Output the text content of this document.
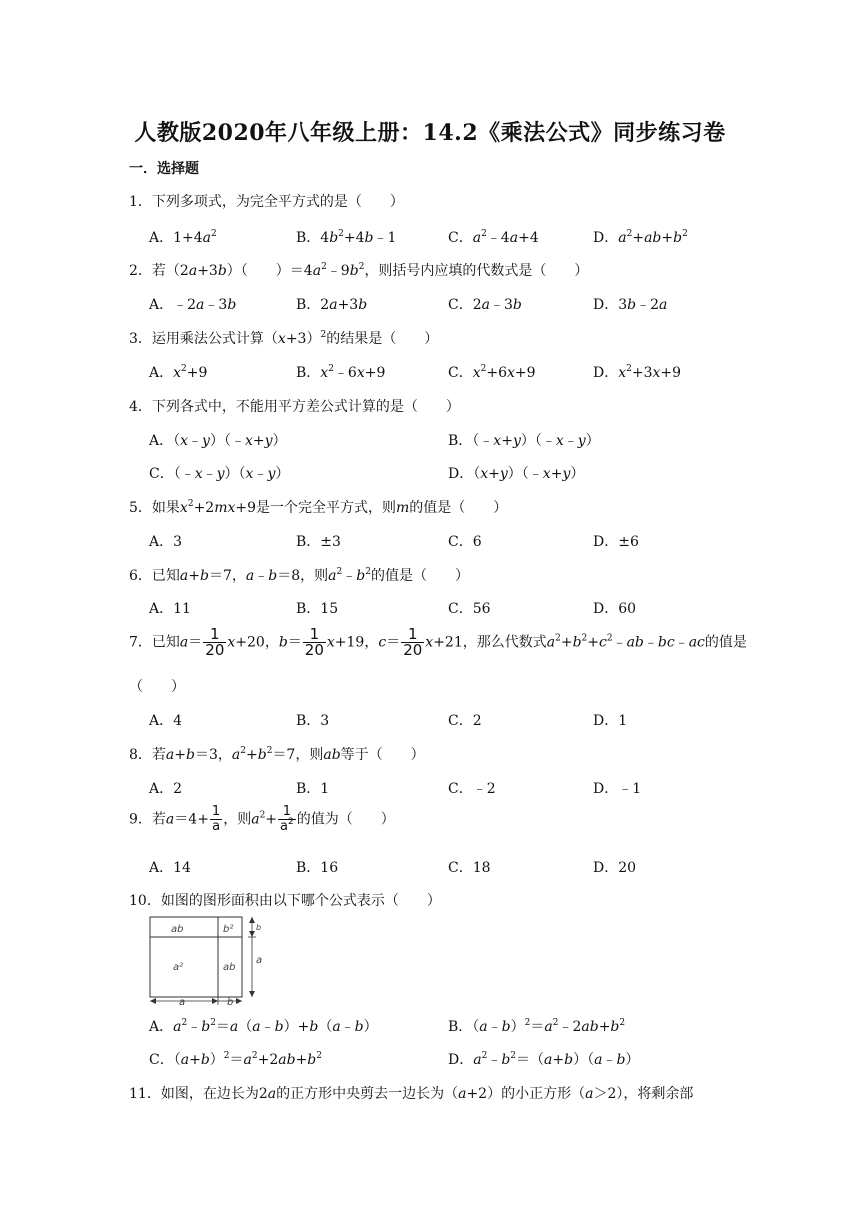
人教版2020年八年级上册：14.2《乘法公式》同步练习卷
一．选择题
1．下列多项式，为完全平方式的是（　　）
A．$1+4a^2$	B．$4b^2+4b﹣1$	C．$a^2﹣4a+4$	D．$a^2+ab+b^2$
2．若（2a+3b）（　　）$=4a^2﹣9b^2$，则括号内应填的代数式是（　　）
A．﹣2a﹣3b	B．2a+3b	C．2a﹣3b	D．3b﹣2a
3．运用乘法公式计算$(x+3)^2$的结果是（　　）
A．$x^2+9$	B．$x^2﹣6x+9$	C．$x^2+6x+9$	D．$x^2+3x+9$
4．下列各式中，不能用平方差公式计算的是（　　）
A．（x﹣y）（﹣x+y）	B．（﹣x+y）（﹣x﹣y）
C．（﹣x﹣y）（x﹣y）	D．（x+y）（﹣x+y）
5．如果$x^2+2mx+9$是一个完全平方式，则m的值是（　　）
A．3	B．±3	C．6	D．±6
6．已知a+b＝7，a﹣b＝8，则$a^2﹣b^2$的值是（　　）
A．11	B．15	C．56	D．60
7．已知$a= \frac{1}{20} x+20$，$b= \frac{1}{20} x+19$，$c= \frac{1}{20} x+21$，那么代数式$a^2+b^2+c^2﹣ab﹣bc﹣ac$的值是
（　　）
A．4	B．3	C．2	D．1
8．若a+b＝3，$a^2+b^2=7$，则ab等于（　　）
A．2	B．1	C．﹣2	D．﹣1
9．若$a=4+ \frac{1}{a}$ ，则$a^2+ \frac{1}{a^2}$ 的值为（　　）
A．14	B．16	C．18	D．20
10．如图的图形面积由以下哪个公式表示（　　）
ab	b²
a²	ab
a
b
a	b
A．$a^2﹣b^2=a(a﹣b)+b(a﹣b)$	B．$(a﹣b)^2=a^2﹣2ab+b^2$
C．$(a+b)^2=a^2+2ab+b^2$	D．$a^2﹣b^2=(a+b)(a﹣b)$
11．如图，在边长为2a的正方形中央剪去一边长为（a+2）的小正方形（a＞2），将剩余部
